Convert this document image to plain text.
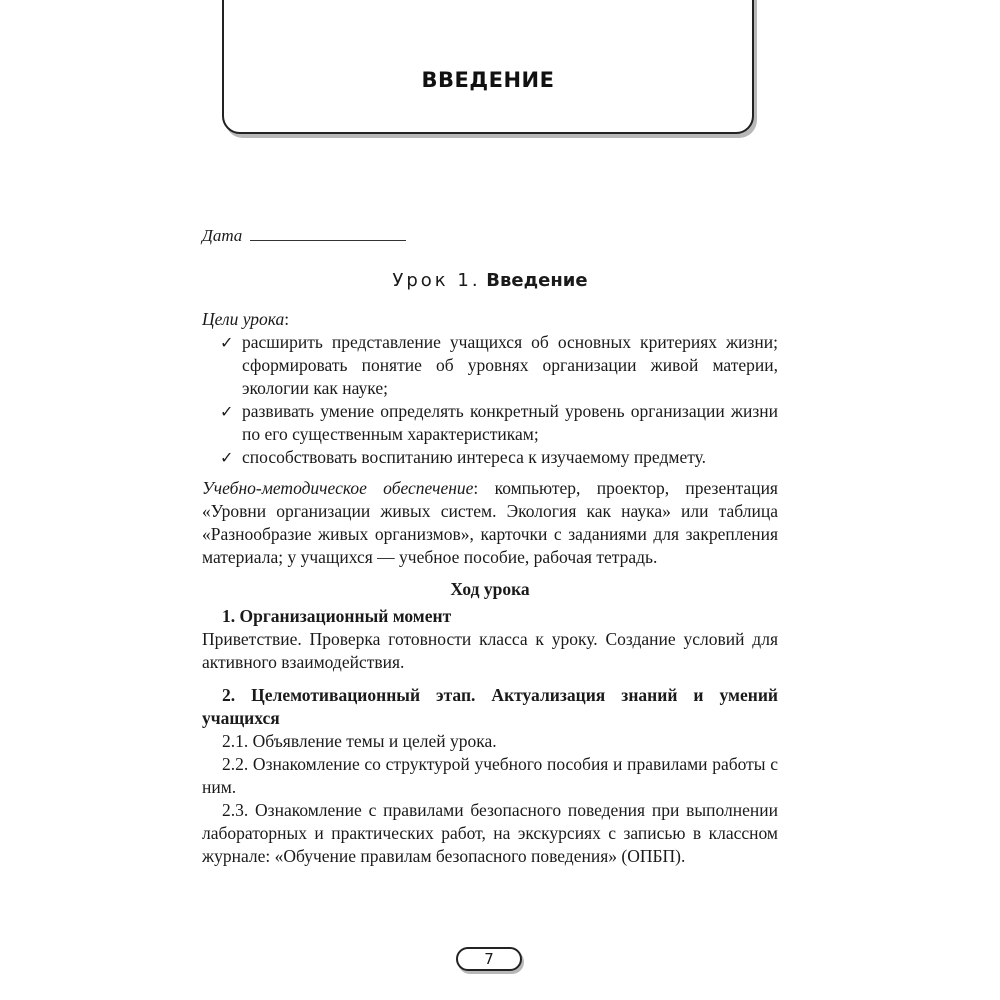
ВВЕДЕНИЕ
Дата
Урок 1. Введение

Цели урока:

✓ расширить представление учащихся об основных критериях жизни; сформировать понятие об уровнях организации живой материи, экологии как науке;
✓ развивать умение определять конкретный уровень организации жизни по его существенным характеристикам;
✓ способствовать воспитанию интереса к изучаемому предмету.

Учебно-методическое обеспечение: компьютер, проектор, презентация «Уровни организации живых систем. Экология как наука» или таблица «Разнообразие живых организмов», карточки с заданиями для закрепления материала; у учащихся — учебное пособие, рабочая тетрадь.

Ход урока

1. Организационный момент

Приветствие. Проверка готовности класса к уроку. Создание условий для активного взаимодействия.

2. Целемотивационный этап. Актуализация знаний и умений учащихся

2.1. Объявление темы и целей урока.

2.2. Ознакомление со структурой учебного пособия и правилами работы с ним.

2.3. Ознакомление с правилами безопасного поведения при выполнении лабораторных и практических работ, на экскурсиях с записью в классном журнале: «Обучение правилам безопасного поведения» (ОПБП).

7
